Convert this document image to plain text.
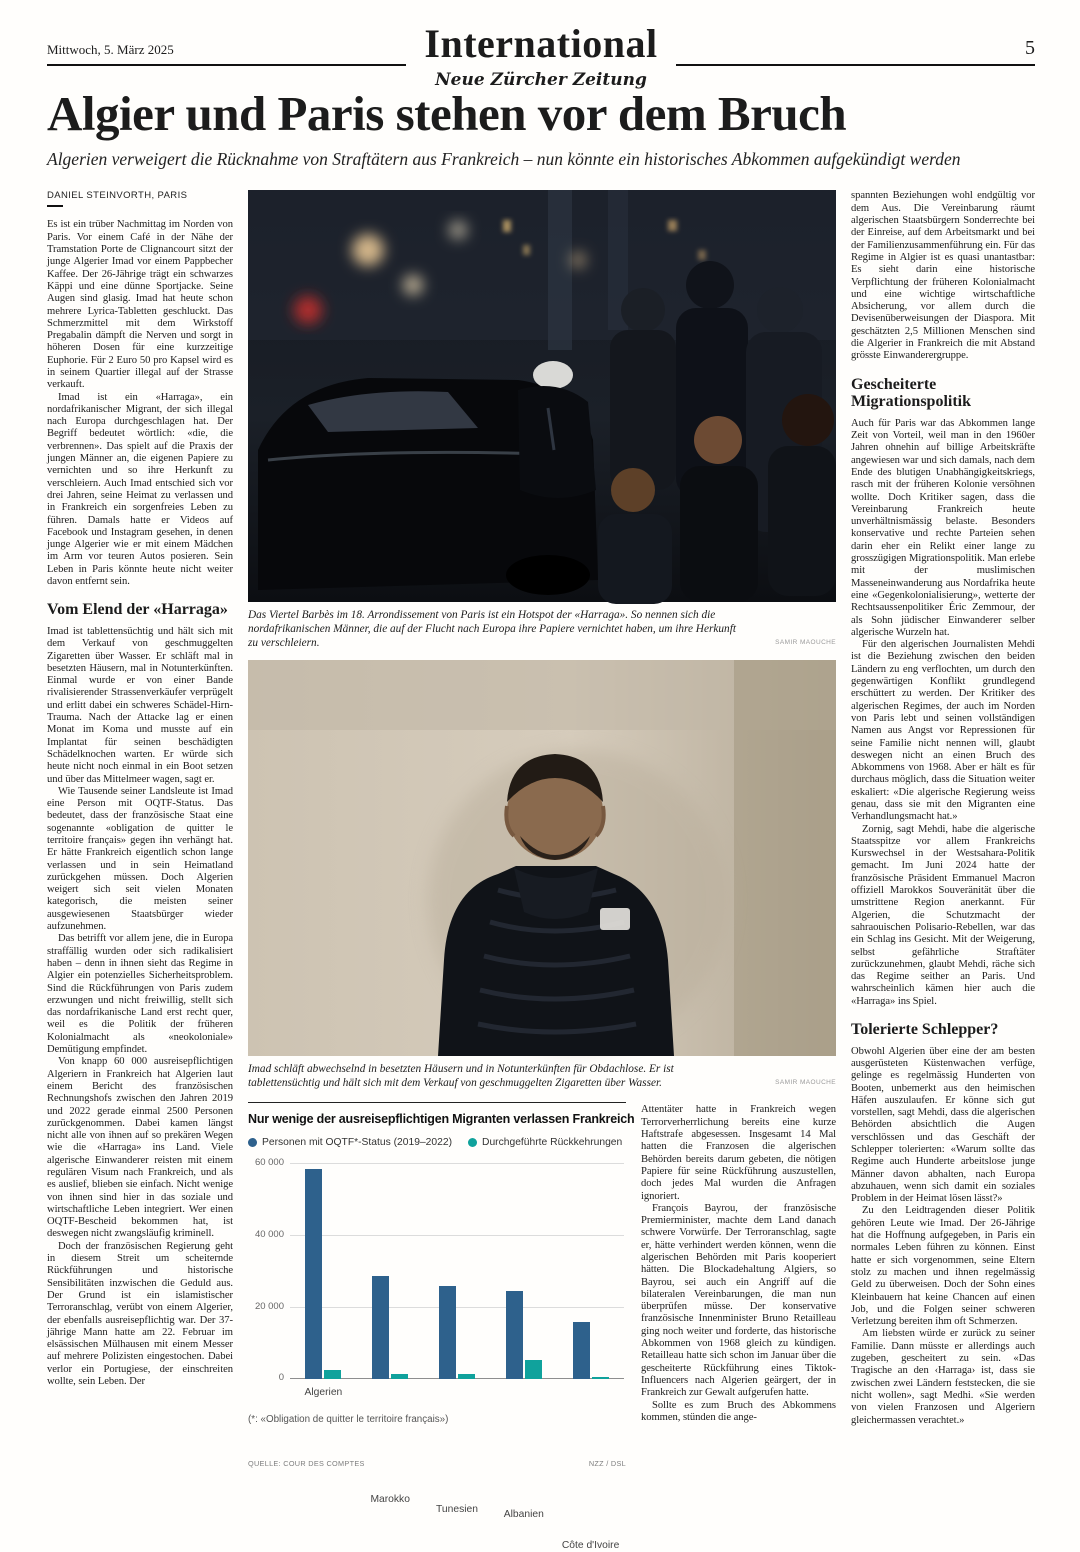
Mittwoch, 5. März 2025	International
Neue Zürcher Zeitung
5
Algier und Paris stehen vor dem Bruch

Algerien verweigert die Rücknahme von Straftätern aus Frankreich – nun könnte ein historisches Abkommen aufgekündigt werden

DANIEL STEINVORTH, PARIS

Es ist ein trüber Nachmittag im Norden von Paris. Vor einem Café in der Nähe der Tramstation Porte de Clignancourt sitzt der junge Algerier Imad vor einem Pappbecher Kaffee. Der 26-Jährige trägt ein schwarzes Käppi und eine dünne Sportjacke. Seine Augen sind glasig. Imad hat heute schon mehrere Lyrica-Tabletten geschluckt. Das Schmerzmittel mit dem Wirkstoff Pregabalin dämpft die Nerven und sorgt in höheren Dosen für eine kurzzeitige Euphorie. Für 2 Euro 50 pro Kapsel wird es in seinem Quartier illegal auf der Strasse verkauft.

Imad ist ein «Harraga», ein nordafrikanischer Migrant, der sich illegal nach Europa durchgeschlagen hat. Der Begriff bedeutet wörtlich: «die, die verbrennen». Das spielt auf die Praxis der jungen Männer an, die eigenen Papiere zu vernichten und so ihre Herkunft zu verschleiern. Auch Imad entschied sich vor drei Jahren, seine Heimat zu verlassen und in Frankreich ein sorgenfreies Leben zu führen. Damals hatte er Videos auf Facebook und Instagram gesehen, in denen junge Algerier wie er mit einem Mädchen im Arm vor teuren Autos posieren. Sein Leben in Paris könnte heute nicht weiter davon entfernt sein.

Vom Elend der «Harraga»

Imad ist tablettensüchtig und hält sich mit dem Verkauf von geschmuggelten Zigaretten über Wasser. Er schläft mal in besetzten Häusern, mal in Notunterkünften. Einmal wurde er von einer Bande rivalisierender Strassenverkäufer verprügelt und erlitt dabei ein schweres Schädel-Hirn-Trauma. Nach der Attacke lag er einen Monat im Koma und musste auf ein Implantat für seinen beschädigten Schädelknochen warten. Er würde sich heute nicht noch einmal in ein Boot setzen und über das Mittelmeer wagen, sagt er.

Wie Tausende seiner Landsleute ist Imad eine Person mit OQTF-Status. Das bedeutet, dass der französische Staat eine sogenannte «obligation de quitter le territoire français» gegen ihn verhängt hat. Er hätte Frankreich eigentlich schon lange verlassen und in sein Heimatland zurückgehen müssen. Doch Algerien weigert sich seit vielen Monaten kategorisch, die meisten seiner ausgewiesenen Staatsbürger wieder aufzunehmen.

Das betrifft vor allem jene, die in Europa straffällig wurden oder sich radikalisiert haben – denn in ihnen sieht das Regime in Algier ein potenzielles Sicherheitsproblem. Sind die Rückführungen von Paris zudem erzwungen und nicht freiwillig, stellt sich das nordafrikanische Land erst recht quer, weil es die Politik der früheren Kolonialmacht als «neokoloniale» Demütigung empfindet.

Von knapp 60 000 ausreisepflichtigen Algeriern in Frankreich hat Algerien laut einem Bericht des französischen Rechnungshofs zwischen den Jahren 2019 und 2022 gerade einmal 2500 Personen zurückgenommen. Dabei kamen längst nicht alle von ihnen auf so prekären Wegen wie die «Harraga» ins Land. Viele algerische Einwanderer reisten mit einem regulären Visum nach Frankreich, und als es auslief, blieben sie einfach. Nicht wenige von ihnen sind hier in das soziale und wirtschaftliche Leben integriert. Wer einen OQTF-Bescheid bekommen hat, ist deswegen nicht zwangsläufig kriminell.

Doch der französischen Regierung geht in diesem Streit um scheiternde Rückführungen und historische Sensibilitäten inzwischen die Geduld aus. Der Grund ist ein islamistischer Terroranschlag, verübt von einem Algerier, der ebenfalls ausreisepflichtig war. Der 37-jährige Mann hatte am 22. Februar im elsässischen Mülhausen mit einem Messer auf mehrere Polizisten eingestochen. Dabei verlor ein Portugiese, der einschreiten wollte, sein Leben. Der

Das Viertel Barbès im 18. Arrondissement von Paris ist ein Hotspot der «Harraga». So nennen sich die nordafrikanischen Männer, die auf der Flucht nach Europa ihre Papiere vernichtet haben, um ihre Herkunft zu verschleiern.	SAMIR MAOUCHE
Imad schläft abwechselnd in besetzten Häusern und in Notunterkünften für Obdachlose. Er ist tablettensüchtig und hält sich mit dem Verkauf von geschmuggelten Zigaretten über Wasser.	SAMIR MAOUCHE
Nur wenige der ausreisepflichtigen Migranten verlassen Frankreich
Personen mit OQTF*-Status (2019–2022)	Durchgeführte Rückkehrungen
0
20 000
40 000
60 000
Algerien
Marokko
Tunesien	Albanien
Côte d'Ivoire
(*: «Obligation de quitter le territoire français»)
QUELLE: COUR DES COMPTES	NZZ / DSL

Attentäter hatte in Frankreich wegen Terrorverherrlichung bereits eine kurze Haftstrafe abgesessen. Insgesamt 14 Mal hatten die Franzosen die algerischen Behörden bereits darum gebeten, die nötigen Papiere für seine Rückführung auszustellen, doch jedes Mal wurden die Anfragen ignoriert.

François Bayrou, der französische Premierminister, machte dem Land danach schwere Vorwürfe. Der Terroranschlag, sagte er, hätte verhindert werden können, wenn die algerischen Behörden mit Paris kooperiert hätten. Die Blockadehaltung Algiers, so Bayrou, sei auch ein Angriff auf die bilateralen Vereinbarungen, die man nun überprüfen müsse. Der konservative französische Innenminister Bruno Retailleau ging noch weiter und forderte, das historische Abkommen von 1968 gleich zu kündigen. Retailleau hatte sich schon im Januar über die gescheiterte Rückführung eines Tiktok-Influencers nach Algerien geärgert, der in Frankreich zur Gewalt aufgerufen hatte.

Sollte es zum Bruch des Abkommens kommen, stünden die ange-

spannten Beziehungen wohl endgültig vor dem Aus. Die Vereinbarung räumt algerischen Staatsbürgern Sonderrechte bei der Einreise, auf dem Arbeitsmarkt und bei der Familienzusammenführung ein. Für das Regime in Algier ist es quasi unantastbar: Es sieht darin eine historische Verpflichtung der früheren Kolonialmacht und eine wichtige wirtschaftliche Absicherung, vor allem durch die Devisenüberweisungen der Diaspora. Mit geschätzten 2,5 Millionen Menschen sind die Algerier in Frankreich die mit Abstand grösste Einwanderergruppe.

Gescheiterte Migrationspolitik

Auch für Paris war das Abkommen lange Zeit von Vorteil, weil man in den 1960er Jahren ohnehin auf billige Arbeitskräfte angewiesen war und sich damals, nach dem Ende des blutigen Unabhängigkeitskriegs, rasch mit der früheren Kolonie versöhnen wollte. Doch Kritiker sagen, dass die Vereinbarung Frankreich heute unverhältnismässig belaste. Besonders konservative und rechte Parteien sehen darin eher ein Relikt einer lange zu grosszügigen Migrationspolitik. Man erlebe mit der muslimischen Masseneinwanderung aus Nordafrika heute eine «Gegenkolonialisierung», wetterte der Rechtsaussenpolitiker Éric Zemmour, der als Sohn jüdischer Einwanderer selber algerische Wurzeln hat.

Für den algerischen Journalisten Mehdi ist die Beziehung zwischen den beiden Ländern zu eng verflochten, um durch den gegenwärtigen Konflikt grundlegend erschüttert zu werden. Der Kritiker des algerischen Regimes, der auch im Norden von Paris lebt und seinen vollständigen Namen aus Angst vor Repressionen für seine Familie nicht nennen will, glaubt deswegen nicht an einen Bruch des Abkommens von 1968. Aber er hält es für durchaus möglich, dass die Situation weiter eskaliert: «Die algerische Regierung weiss genau, dass sie mit den Migranten eine Verhandlungsmacht hat.»

Zornig, sagt Mehdi, habe die algerische Staatsspitze vor allem Frankreichs Kurswechsel in der Westsahara-Politik gemacht. Im Juni 2024 hatte der französische Präsident Emmanuel Macron offiziell Marokkos Souveränität über die umstrittene Region anerkannt. Für Algerien, die Schutzmacht der sahraouischen Polisario-Rebellen, war das ein Schlag ins Gesicht. Mit der Weigerung, selbst gefährliche Straftäter zurückzunehmen, glaubt Mehdi, räche sich das Regime seither an Paris. Und wahrscheinlich kämen hier auch die «Harraga» ins Spiel.

Tolerierte Schlepper?

Obwohl Algerien über eine der am besten ausgerüsteten Küstenwachen verfüge, gelinge es regelmässig Hunderten von Booten, unbemerkt aus den heimischen Häfen auszulaufen. Er könne sich gut vorstellen, sagt Mehdi, dass die algerischen Behörden absichtlich die Augen verschlössen und das Geschäft der Schlepper tolerierten: «Warum sollte das Regime auch Hunderte arbeitslose junge Männer davon abhalten, nach Europa abzuhauen, wenn sich damit ein soziales Problem in der Heimat lösen lässt?»

Zu den Leidtragenden dieser Politik gehören Leute wie Imad. Der 26-Jährige hat die Hoffnung aufgegeben, in Paris ein normales Leben führen zu können. Einst hatte er sich vorgenommen, seine Eltern stolz zu machen und ihnen regelmässig Geld zu überweisen. Doch der Sohn eines Kleinbauern hat keine Chancen auf einen Job, und die Folgen seiner schweren Verletzung bereiten ihm oft Schmerzen.

Am liebsten würde er zurück zu seiner Familie. Dann müsste er allerdings auch zugeben, gescheitert zu sein. «Das Tragische an den ‹Harraga› ist, dass sie zwischen zwei Ländern feststecken, die sie nicht wollen», sagt Medhi. «Sie werden von vielen Franzosen und Algeriern gleichermassen verachtet.»
